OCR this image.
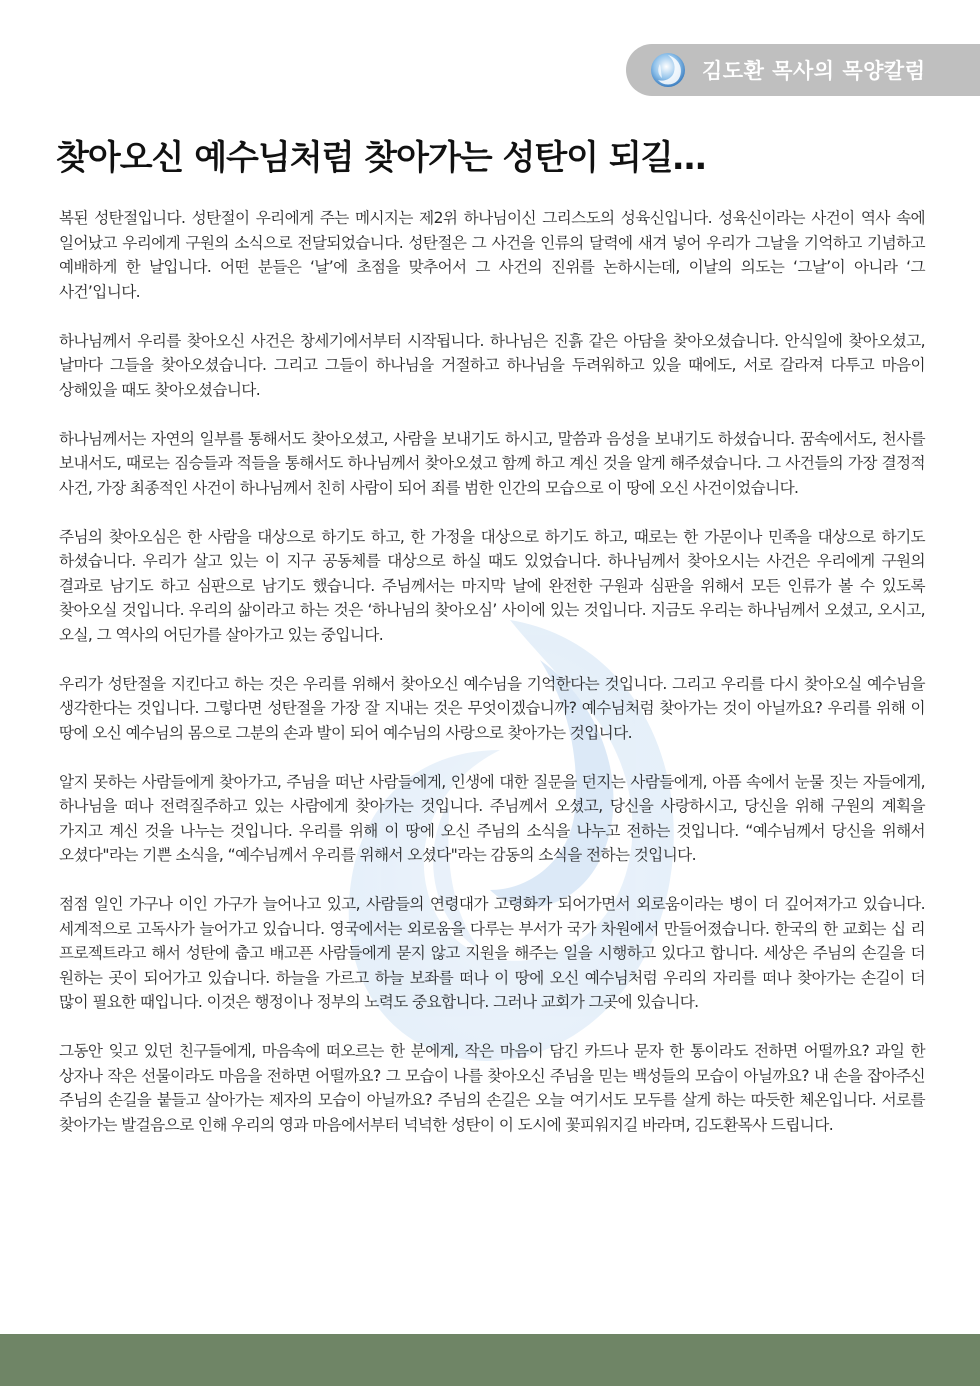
김도환 목사의 목양칼럼
찾아오신 예수님처럼 찾아가는 성탄이 되길…

복된 성탄절입니다. 성탄절이 우리에게 주는 메시지는 제2위 하나님이신 그리스도의 성육신입니다. 성육신이라는 사건이 역사 속에 일어났고 우리에게 구원의 소식으로 전달되었습니다. 성탄절은 그 사건을 인류의 달력에 새겨 넣어 우리가 그날을 기억하고 기념하고 예배하게 한 날입니다. 어떤 분들은 ‘날’에 초점을 맞추어서 그 사건의 진위를 논하시는데, 이날의 의도는 ‘그날’이 아니라 ‘그 사건’입니다.

하나님께서 우리를 찾아오신 사건은 창세기에서부터 시작됩니다. 하나님은 진흙 같은 아담을 찾아오셨습니다. 안식일에 찾아오셨고, 날마다 그들을 찾아오셨습니다. 그리고 그들이 하나님을 거절하고 하나님을 두려워하고 있을 때에도, 서로 갈라져 다투고 마음이 상해있을 때도 찾아오셨습니다.

하나님께서는 자연의 일부를 통해서도 찾아오셨고, 사람을 보내기도 하시고, 말씀과 음성을 보내기도 하셨습니다. 꿈속에서도, 천사를 보내서도, 때로는 짐승들과 적들을 통해서도 하나님께서 찾아오셨고 함께 하고 계신 것을 알게 해주셨습니다. 그 사건들의 가장 결정적 사건, 가장 최종적인 사건이 하나님께서 친히 사람이 되어 죄를 범한 인간의 모습으로 이 땅에 오신 사건이었습니다.

주님의 찾아오심은 한 사람을 대상으로 하기도 하고, 한 가정을 대상으로 하기도 하고, 때로는 한 가문이나 민족을 대상으로 하기도 하셨습니다. 우리가 살고 있는 이 지구 공동체를 대상으로 하실 때도 있었습니다. 하나님께서 찾아오시는 사건은 우리에게 구원의 결과로 남기도 하고 심판으로 남기도 했습니다. 주님께서는 마지막 날에 완전한 구원과 심판을 위해서 모든 인류가 볼 수 있도록 찾아오실 것입니다. 우리의 삶이라고 하는 것은 ‘하나님의 찾아오심’ 사이에 있는 것입니다. 지금도 우리는 하나님께서 오셨고, 오시고, 오실, 그 역사의 어딘가를 살아가고 있는 중입니다.

우리가 성탄절을 지킨다고 하는 것은 우리를 위해서 찾아오신 예수님을 기억한다는 것입니다. 그리고 우리를 다시 찾아오실 예수님을 생각한다는 것입니다. 그렇다면 성탄절을 가장 잘 지내는 것은 무엇이겠습니까? 예수님처럼 찾아가는 것이 아닐까요? 우리를 위해 이 땅에 오신 예수님의 몸으로 그분의 손과 발이 되어 예수님의 사랑으로 찾아가는 것입니다.

알지 못하는 사람들에게 찾아가고, 주님을 떠난 사람들에게, 인생에 대한 질문을 던지는 사람들에게, 아픔 속에서 눈물 짓는 자들에게, 하나님을 떠나 전력질주하고 있는 사람에게 찾아가는 것입니다. 주님께서 오셨고, 당신을 사랑하시고, 당신을 위해 구원의 계획을 가지고 계신 것을 나누는 것입니다. 우리를 위해 이 땅에 오신 주님의 소식을 나누고 전하는 것입니다. “예수님께서 당신을 위해서 오셨다"라는 기쁜 소식을, “예수님께서 우리를 위해서 오셨다"라는 감동의 소식을 전하는 것입니다.

점점 일인 가구나 이인 가구가 늘어나고 있고, 사람들의 연령대가 고령화가 되어가면서 외로움이라는 병이 더 깊어져가고 있습니다. 세계적으로 고독사가 늘어가고 있습니다. 영국에서는 외로움을 다루는 부서가 국가 차원에서 만들어졌습니다. 한국의 한 교회는 십 리 프로젝트라고 해서 성탄에 춥고 배고픈 사람들에게 묻지 않고 지원을 해주는 일을 시행하고 있다고 합니다. 세상은 주님의 손길을 더 원하는 곳이 되어가고 있습니다. 하늘을 가르고 하늘 보좌를 떠나 이 땅에 오신 예수님처럼 우리의 자리를 떠나 찾아가는 손길이 더 많이 필요한 때입니다. 이것은 행정이나 정부의 노력도 중요합니다. 그러나 교회가 그곳에 있습니다.

그동안 잊고 있던 친구들에게, 마음속에 떠오르는 한 분에게, 작은 마음이 담긴 카드나 문자 한 통이라도 전하면 어떨까요? 과일 한 상자나 작은 선물이라도 마음을 전하면 어떨까요? 그 모습이 나를 찾아오신 주님을 믿는 백성들의 모습이 아닐까요? 내 손을 잡아주신 주님의 손길을 붙들고 살아가는 제자의 모습이 아닐까요? 주님의 손길은 오늘 여기서도 모두를 살게 하는 따듯한 체온입니다. 서로를 찾아가는 발걸음으로 인해 우리의 영과 마음에서부터 넉넉한 성탄이 이 도시에 꽃피워지길 바라며, 김도환목사 드립니다.
